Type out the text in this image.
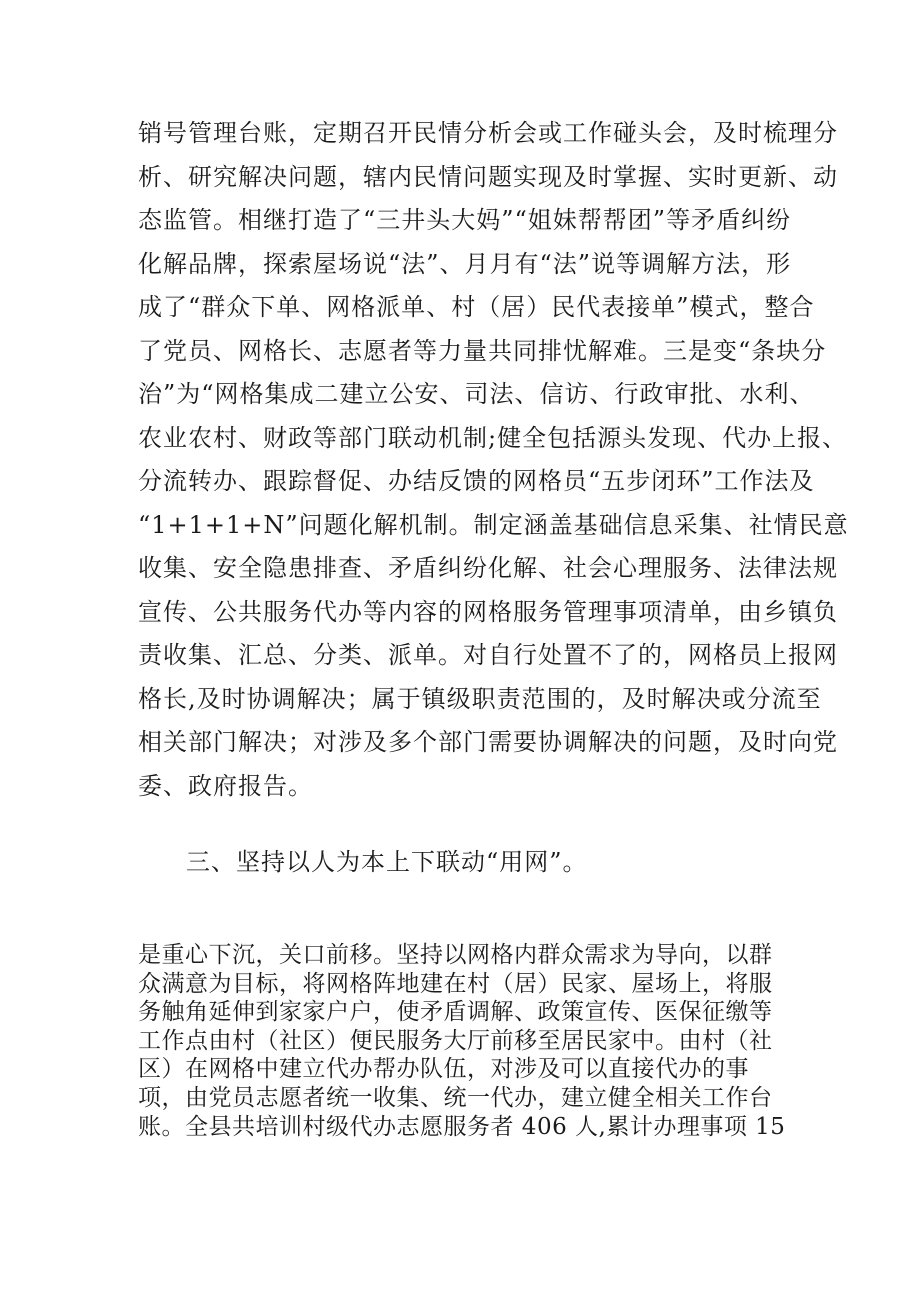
销号管理台账，定期召开民情分析会或工作碰头会，及时梳理分
析、研究解决问题，辖内民情问题实现及时掌握、实时更新、动
态监管。相继打造了“三井头大妈”“姐妹帮帮团”等矛盾纠纷
化解品牌，探索屋场说“法”、月月有“法”说等调解方法，形
成了“群众下单、网格派单、村（居）民代表接单”模式，整合
了党员、网格长、志愿者等力量共同排忧解难。三是变“条块分
治”为“网格集成二建立公安、司法、信访、行政审批、水利、
农业农村、财政等部门联动机制;健全包括源头发现、代办上报、
分流转办、跟踪督促、办结反馈的网格员“五步闭环”工作法及
“1+1+1+N”问题化解机制。制定涵盖基础信息采集、社情民意
收集、安全隐患排查、矛盾纠纷化解、社会心理服务、法律法规
宣传、公共服务代办等内容的网格服务管理事项清单，由乡镇负
责收集、汇总、分类、派单。对自行处置不了的，网格员上报网
格长,及时协调解决；属于镇级职责范围的，及时解决或分流至
相关部门解决；对涉及多个部门需要协调解决的问题，及时向党
委、政府报告。
三、坚持以人为本上下联动“用网”。
是重心下沉，关口前移。坚持以网格内群众需求为导向，以群
众满意为目标，将网格阵地建在村（居）民家、屋场上，将服
务触角延伸到家家户户，使矛盾调解、政策宣传、医保征缴等
工作点由村（社区）便民服务大厅前移至居民家中。由村（社
区）在网格中建立代办帮办队伍，对涉及可以直接代办的事
项，由党员志愿者统一收集、统一代办，建立健全相关工作台
账。全县共培训村级代办志愿服务者 406 人,累计办理事项 15
